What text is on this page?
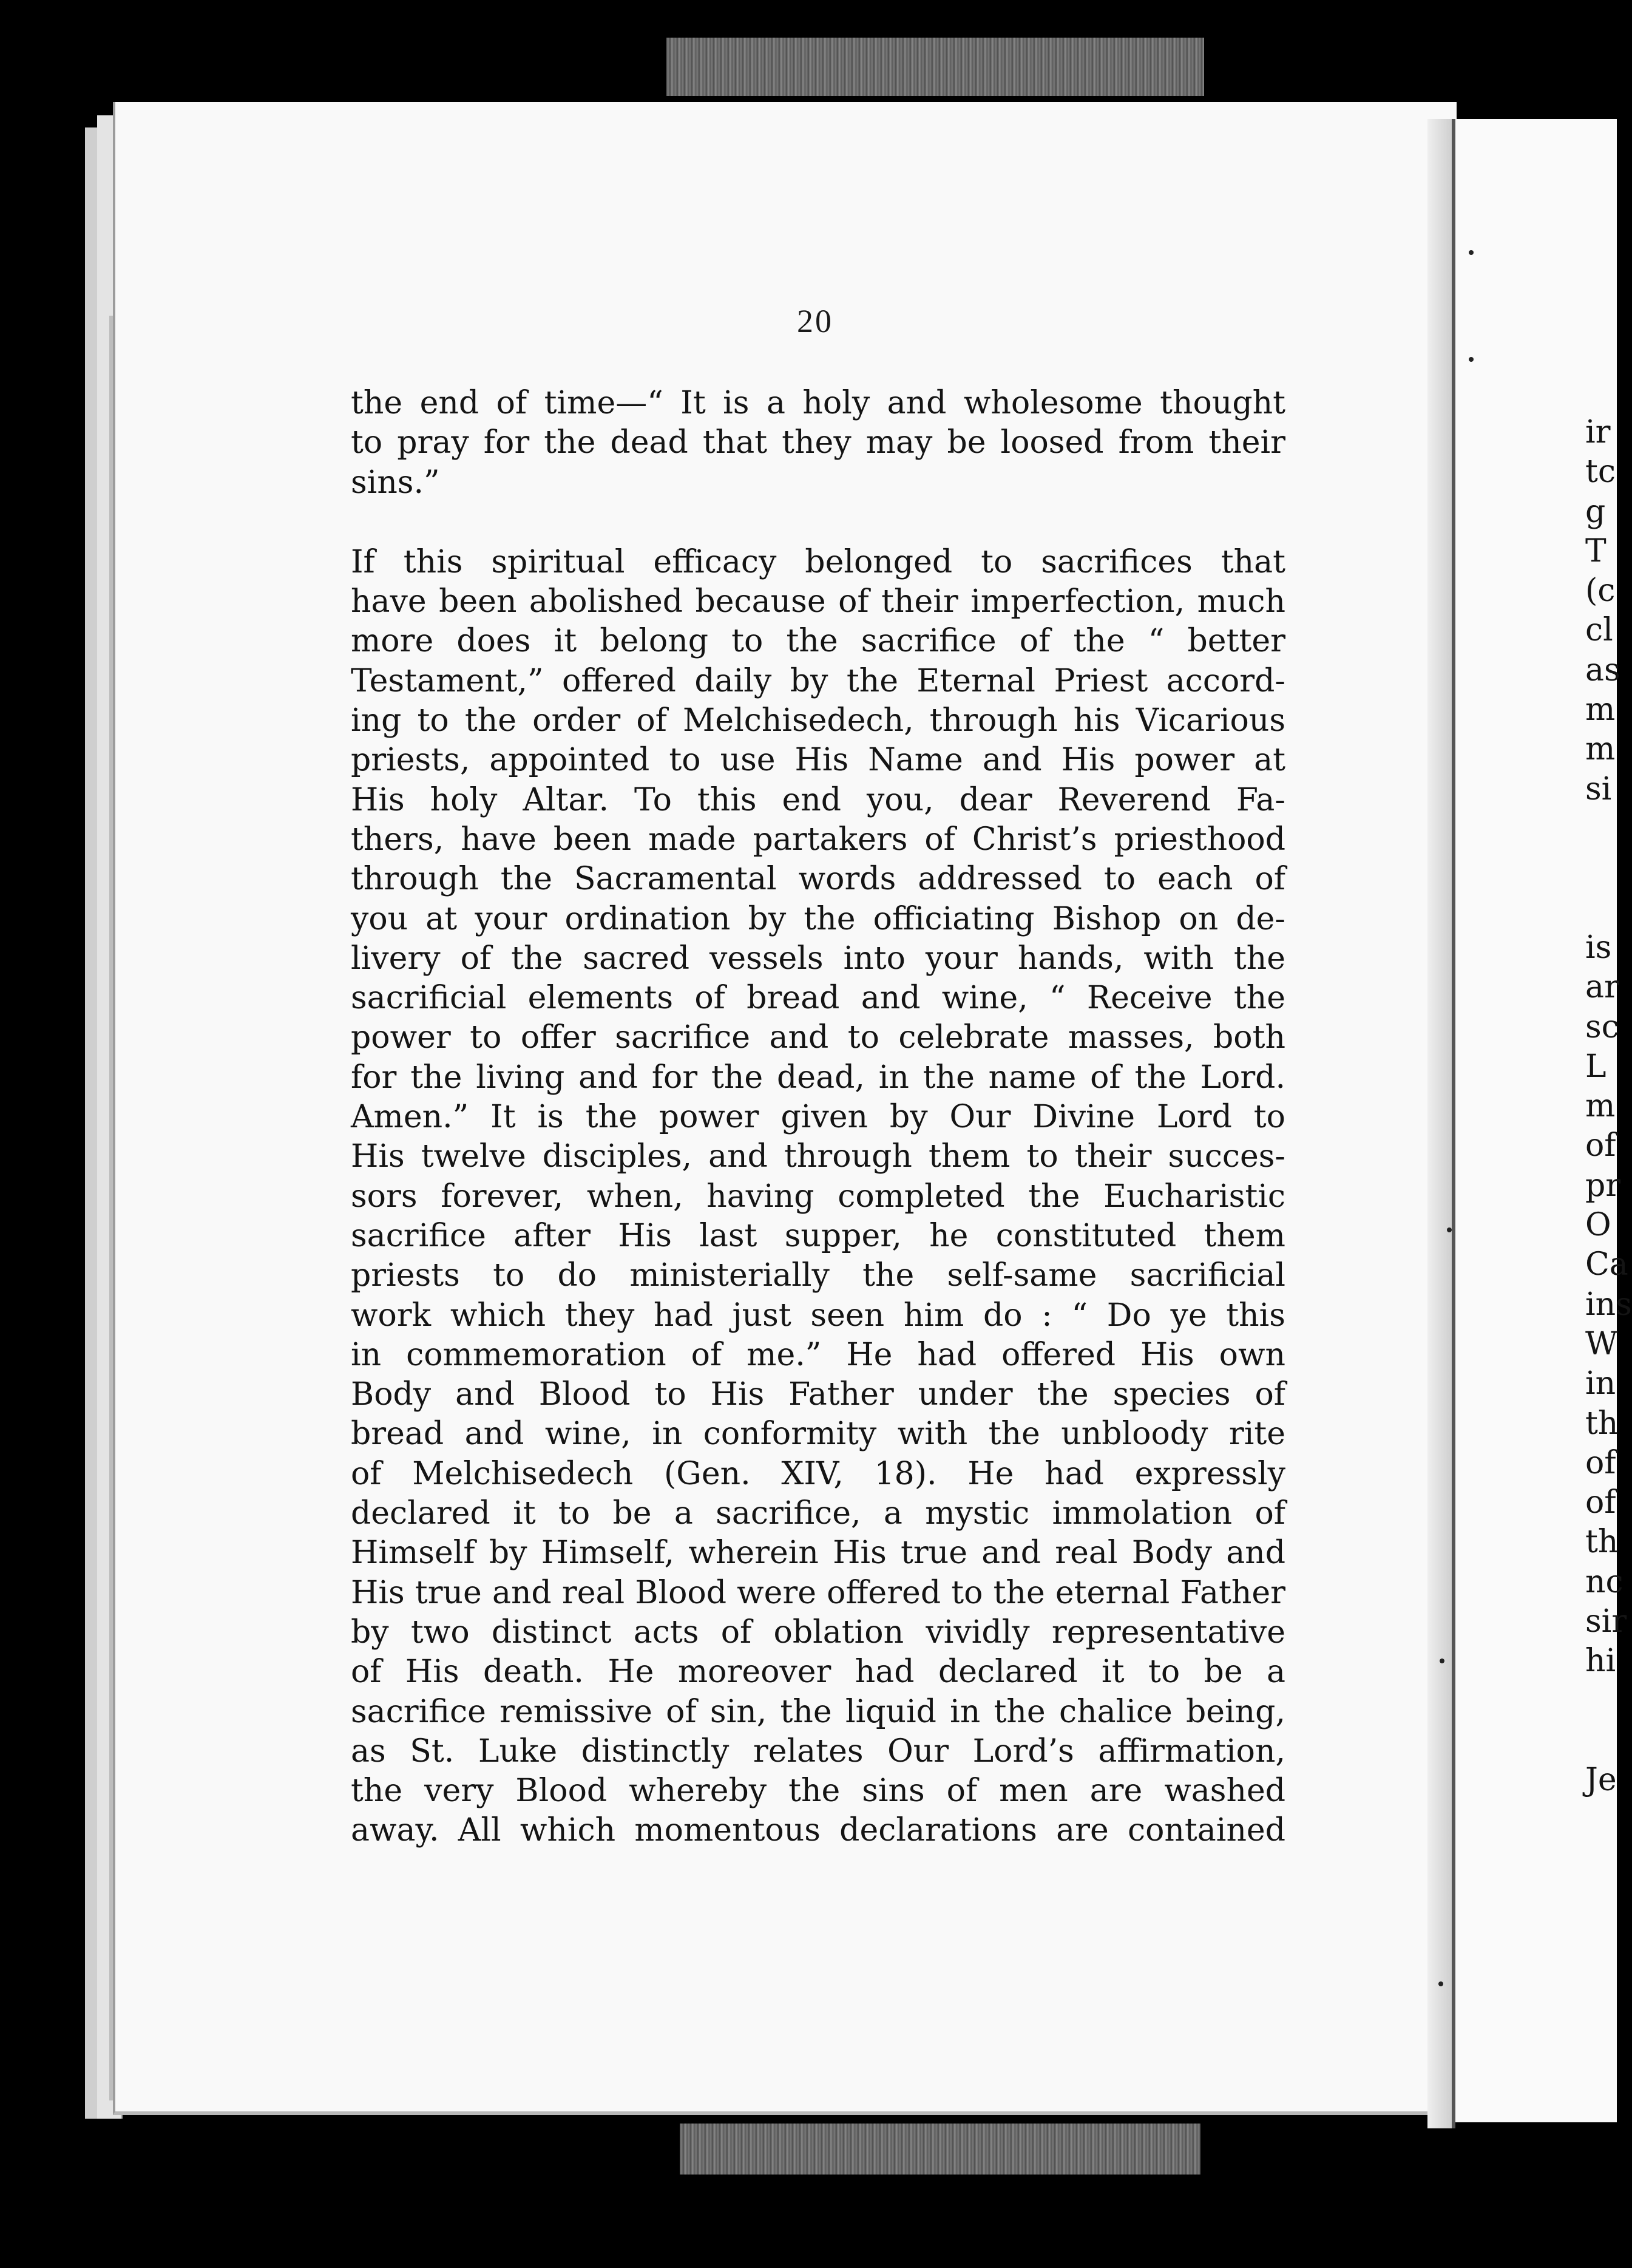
20
the end of time—“ It is a holy and wholesome thought
to pray for the dead that they may be loosed from their
sins.”
If this spiritual efficacy belonged to sacrifices that
have been abolished because of their imperfection, much
more does it belong to the sacrifice of the “ better
Testament,” offered daily by the Eternal Priest accord-
ing to the order of Melchisedech, through his Vicarious
priests, appointed to use His Name and His power at
His holy Altar. To this end you, dear Reverend Fa-
thers, have been made partakers of Christ’s priesthood
through the Sacramental words addressed to each of
you at your ordination by the officiating Bishop on de-
livery of the sacred vessels into your hands, with the
sacrificial elements of bread and wine, “ Receive the
power to offer sacrifice and to celebrate masses, both
for the living and for the dead, in the name of the Lord.
Amen.” It is the power given by Our Divine Lord to
His twelve disciples, and through them to their succes-
sors forever, when, having completed the Eucharistic
sacrifice after His last supper, he constituted them
priests to do ministerially the self-same sacrificial
work which they had just seen him do : “ Do ye this
in commemoration of me.” He had offered His own
Body and Blood to His Father under the species of
bread and wine, in conformity with the unbloody rite
of Melchisedech (Gen. XIV, 18). He had expressly
declared it to be a sacrifice, a mystic immolation of
Himself by Himself, wherein His true and real Body and
His true and real Blood were offered to the eternal Father
by two distinct acts of oblation vividly representative
of His death. He moreover had declared it to be a
sacrifice remissive of sin, the liquid in the chalice being,
as St. Luke distinctly relates Our Lord’s affirmation,
the very Blood whereby the sins of men are washed
away. All which momentous declarations are contained
ir
tc
g
T
(c
cl
as
m
m
si
is
ar
sc
L
m
of
pr
O
Ca
ins
W
in
th
of
of
th
nc
sir
hi
Je
